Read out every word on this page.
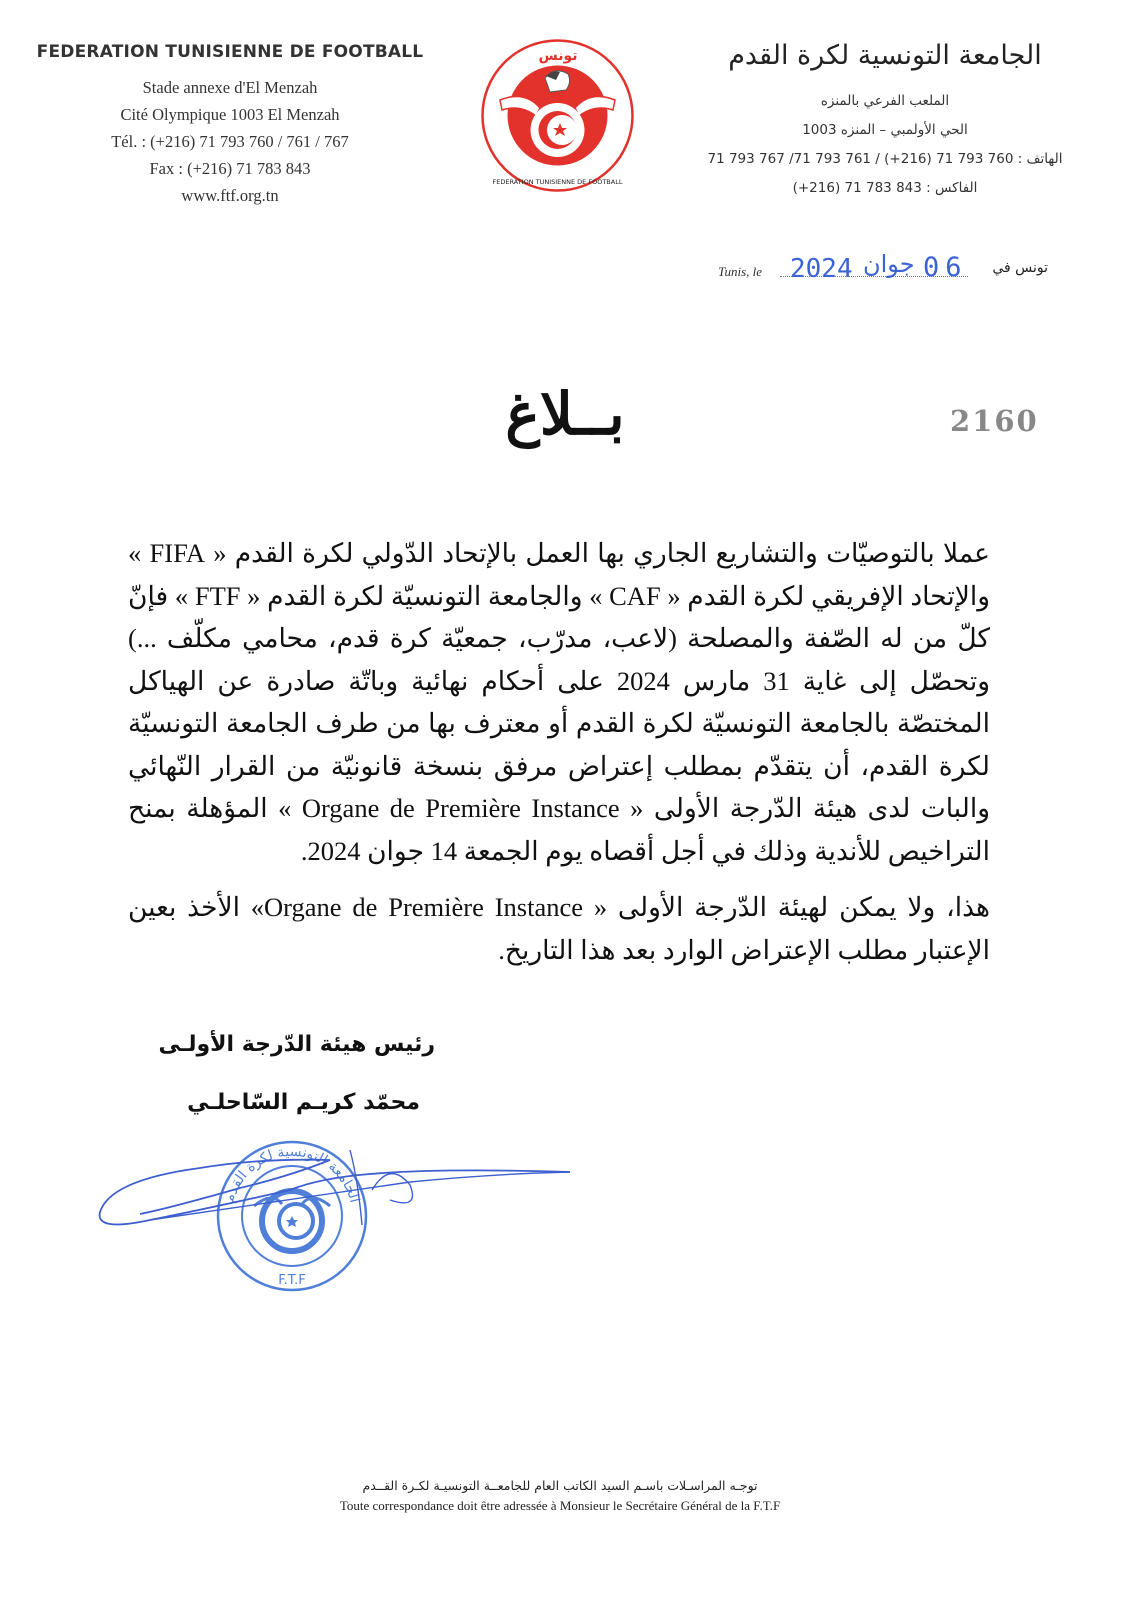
FEDERATION TUNISIENNE DE FOOTBALL
Stade annexe d'El Menzah
Cité Olympique 1003 El Menzah
Tél. : (+216) 71 793 760 / 761 / 767
Fax : (+216) 71 783 843
www.ftf.org.tn
تونس
FEDERATION TUNISIENNE DE FOOTBALL
الجامعة التونسية لكرة القدم
الملعب الفرعي بالمنزه
الحي الأولمبي – المنزه 1003
الهاتف : 760 793 71 (216+) / 761 793 71/ 767 793 71
الفاكس : 843 783 71 (216+)
Tunis, le 2024 جوان 06 تونس في
بــلاغ	2160

عملا بالتوصيّات والتشاريع الجاري بها العمل بالإتحاد الدّولي لكرة القدم « FIFA » والإتحاد الإفريقي لكرة القدم « CAF » والجامعة التونسيّة لكرة القدم « FTF » فإنّ كلّ من له الصّفة والمصلحة (لاعب، مدرّب، جمعيّة كرة قدم، محامي مكلّف ...) وتحصّل إلى غاية 31 مارس 2024 على أحكام نهائية وباتّة صادرة عن الهياكل المختصّة بالجامعة التونسيّة لكرة القدم أو معترف بها من طرف الجامعة التونسيّة لكرة القدم، أن يتقدّم بمطلب إعتراض مرفق بنسخة قانونيّة من القرار النّهائي والبات لدى هيئة الدّرجة الأولى « Organe de Première Instance » المؤهلة بمنح التراخيص للأندية وذلك في أجل أقصاه يوم الجمعة 14 جوان 2024.

هذا، ولا يمكن لهيئة الدّرجة الأولى « Organe de Première Instance» الأخذ بعين الإعتبار مطلب الإعتراض الوارد بعد هذا التاريخ.

رئيس هيئة الدّرجة الأولـى
محمّد كريـم السّاحلـي
الجامعة التونسية لكرة القدم
F.T.F
توجـه المراسـلات باسـم السيد الكاتب العام للجامعــة التونسيـة لكـرة القــدم
Toute correspondance doit être adressée à Monsieur le Secrétaire Général de la F.T.F
